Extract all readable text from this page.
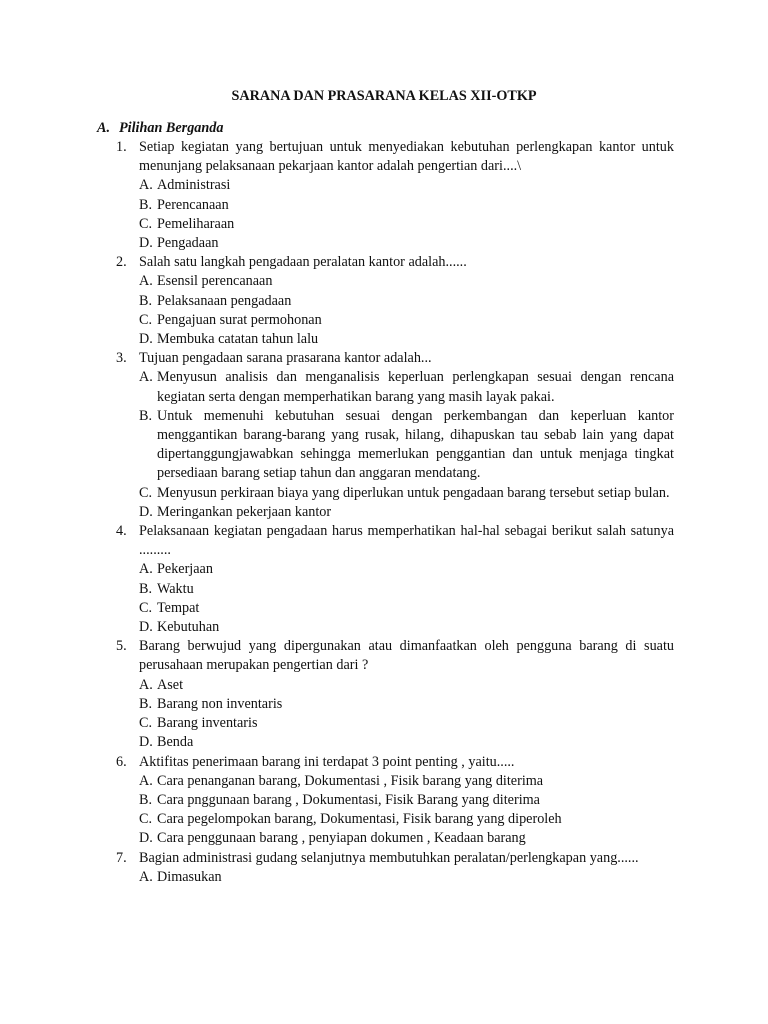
SARANA DAN PRASARANA KELAS XII-OTKP
A. Pilihan Berganda
1. Setiap kegiatan yang bertujuan untuk menyediakan kebutuhan perlengkapan kantor untuk menunjang pelaksanaan pekarjaan kantor adalah pengertian dari....\
A. Administrasi
B. Perencanaan
C. Pemeliharaan
D. Pengadaan
2. Salah satu langkah pengadaan peralatan kantor adalah......
A. Esensil perencanaan
B. Pelaksanaan pengadaan
C. Pengajuan surat permohonan
D. Membuka catatan tahun lalu
3. Tujuan pengadaan sarana prasarana kantor adalah...
A. Menyusun analisis dan menganalisis keperluan perlengkapan sesuai dengan rencana kegiatan serta dengan memperhatikan barang yang masih layak pakai.
B. Untuk memenuhi kebutuhan sesuai dengan perkembangan dan keperluan kantor menggantikan barang-barang yang rusak, hilang, dihapuskan tau sebab lain yang dapat dipertanggungjawabkan sehingga memerlukan penggantian dan untuk menjaga tingkat persediaan barang setiap tahun dan anggaran mendatang.
C. Menyusun perkiraan biaya yang diperlukan untuk pengadaan barang tersebut setiap bulan.
D. Meringankan pekerjaan kantor
4. Pelaksanaan kegiatan pengadaan harus memperhatikan hal-hal sebagai berikut salah satunya .........
A. Pekerjaan
B. Waktu
C. Tempat
D. Kebutuhan
5. Barang berwujud yang dipergunakan atau dimanfaatkan oleh pengguna barang di suatu perusahaan merupakan pengertian dari ?
A. Aset
B. Barang non inventaris
C. Barang inventaris
D. Benda
6. Aktifitas penerimaan barang ini terdapat 3 point penting , yaitu.....
A. Cara penanganan barang, Dokumentasi , Fisik barang yang diterima
B. Cara pnggunaan barang , Dokumentasi, Fisik Barang yang diterima
C. Cara pegelompokan barang, Dokumentasi, Fisik barang yang diperoleh
D. Cara penggunaan barang , penyiapan dokumen , Keadaan barang
7. Bagian administrasi gudang selanjutnya membutuhkan peralatan/perlengkapan yang......
A. Dimasukan
